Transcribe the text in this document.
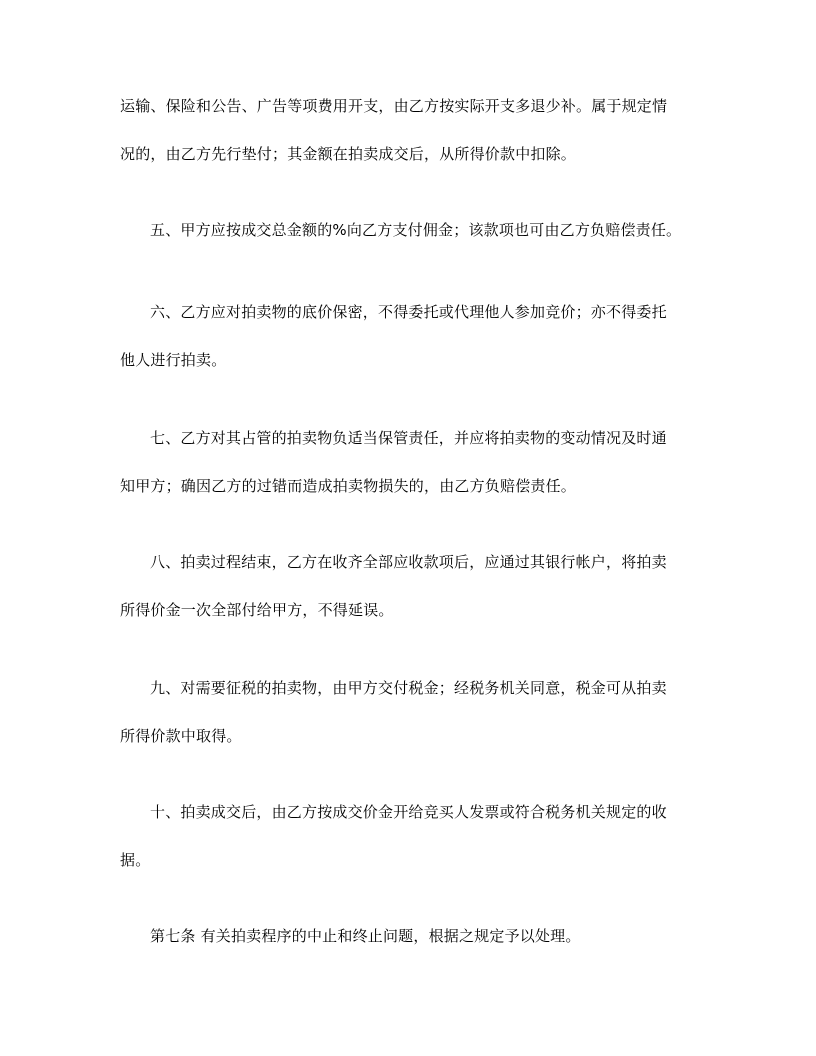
运输、保险和公告、广告等项费用开支，由乙方按实际开支多退少补。属于规定情
况的，由乙方先行垫付；其金额在拍卖成交后，从所得价款中扣除。
五、甲方应按成交总金额的%向乙方支付佣金；该款项也可由乙方负赔偿责任。
六、乙方应对拍卖物的底价保密，不得委托或代理他人参加竞价；亦不得委托
他人进行拍卖。
七、乙方对其占管的拍卖物负适当保管责任，并应将拍卖物的变动情况及时通
知甲方；确因乙方的过错而造成拍卖物损失的，由乙方负赔偿责任。
八、拍卖过程结束，乙方在收齐全部应收款项后，应通过其银行帐户，将拍卖
所得价金一次全部付给甲方，不得延误。
九、对需要征税的拍卖物，由甲方交付税金；经税务机关同意，税金可从拍卖
所得价款中取得。
十、拍卖成交后，由乙方按成交价金开给竞买人发票或符合税务机关规定的收
据。
第七条 有关拍卖程序的中止和终止问题，根据之规定予以处理。
